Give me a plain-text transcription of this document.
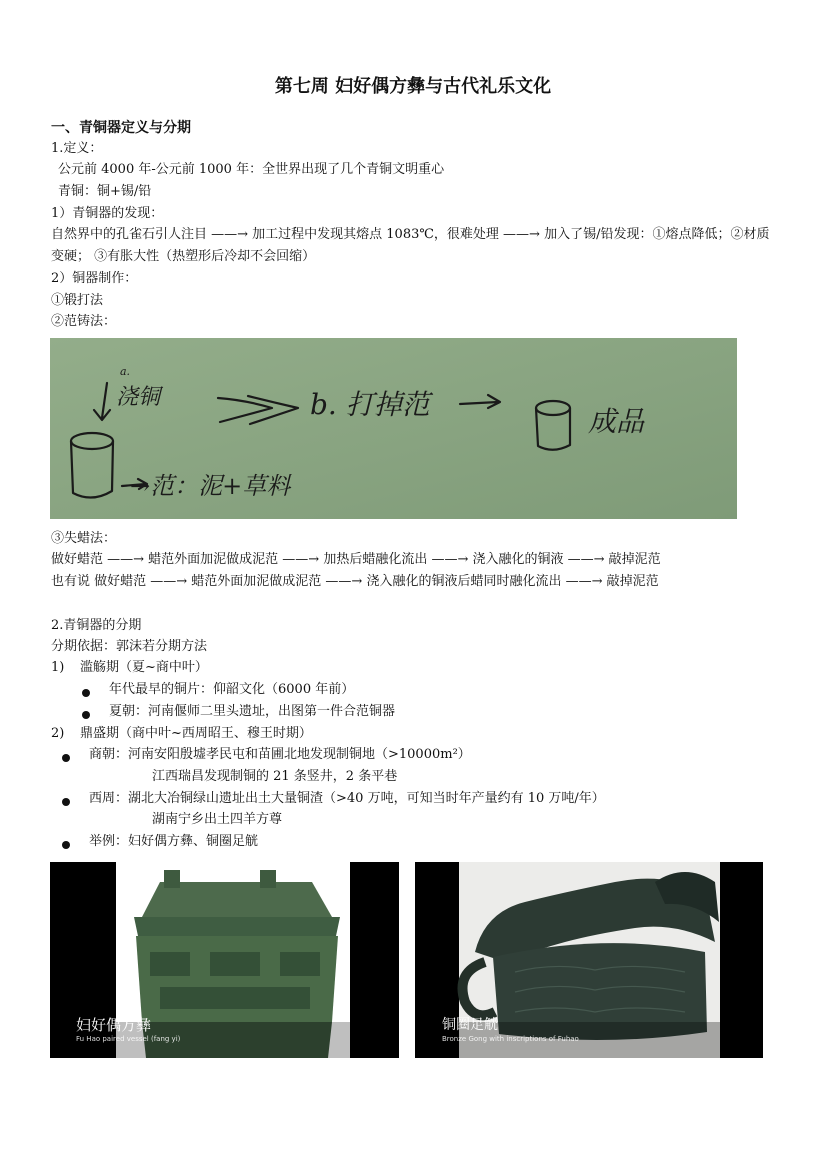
第七周 妇好偶方彝与古代礼乐文化
一、青铜器定义与分期
1.定义：
公元前 4000 年-公元前 1000 年：全世界出现了几个青铜文明重心
青铜：铜+锡/铅
1）青铜器的发现：
自然界中的孔雀石引人注目 ——→ 加工过程中发现其熔点 1083℃，很难处理 ——→ 加入了锡/铅发现：①熔点降低；②材质变硬； ③有胀大性（热塑形后冷却不会回缩）
2）铜器制作：
①锻打法
②范铸法：
a.
浇铜	b. 打掉范
成品
→范：泥+草料
③失蜡法：
做好蜡范 ——→ 蜡范外面加泥做成泥范 ——→ 加热后蜡融化流出 ——→ 浇入融化的铜液 ——→ 敲掉泥范
也有说 做好蜡范 ——→ 蜡范外面加泥做成泥范 ——→ 浇入融化的铜液后蜡同时融化流出 ——→ 敲掉泥范
2.青铜器的分期
分期依据：郭沫若分期方法
1) 滥觞期（夏~商中叶）
年代最早的铜片：仰韶文化（6000 年前）
夏朝：河南偃师二里头遗址，出图第一件合范铜器
2) 鼎盛期（商中叶~西周昭王、穆王时期）
商朝：河南安阳殷墟孝民屯和苗圃北地发现制铜地（>10000m²）
江西瑞昌发现制铜的 21 条竖井，2 条平巷
西周：湖北大冶铜绿山遗址出土大量铜渣（>40 万吨，可知当时年产量约有 10 万吨/年）
湖南宁乡出土四羊方尊
举例：妇好偶方彝、铜圈足觥
妇好偶方彝
Fu Hao paired vessel (fang yi)
铜圈足觥
Bronze Gong with inscriptions of Fuhao
